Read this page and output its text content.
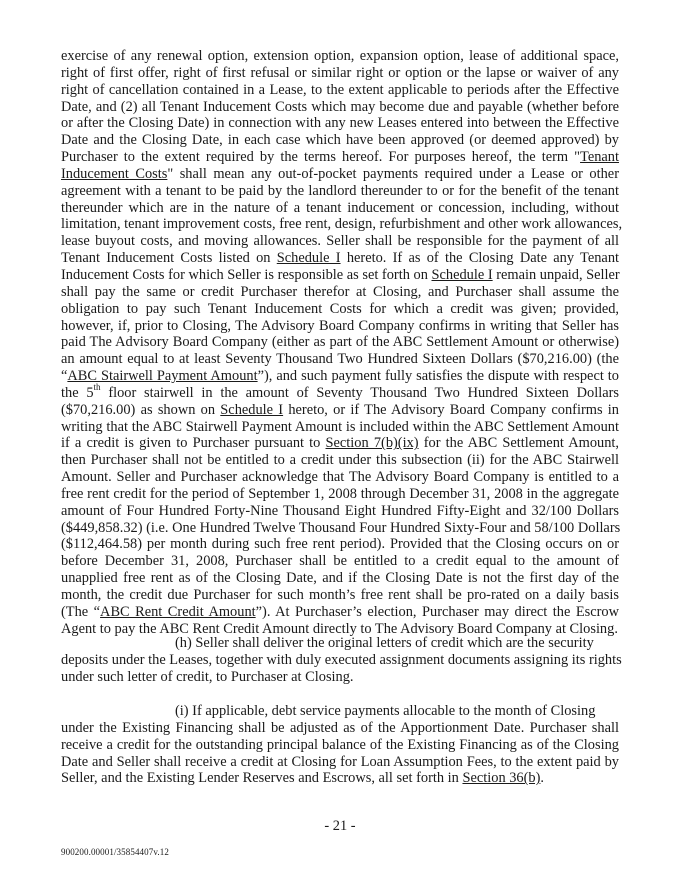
exercise of any renewal option, extension option, expansion option, lease of additional space,
right of first offer, right of first refusal or similar right or option or the lapse or waiver of any
right of cancellation contained in a Lease, to the extent applicable to periods after the Effective
Date, and (2) all Tenant Inducement Costs which may become due and payable (whether before
or after the Closing Date) in connection with any new Leases entered into between the Effective
Date and the Closing Date, in each case which have been approved (or deemed approved) by
Purchaser to the extent required by the terms hereof. For purposes hereof, the term "Tenant
Inducement Costs" shall mean any out-of-pocket payments required under a Lease or other
agreement with a tenant to be paid by the landlord thereunder to or for the benefit of the tenant
thereunder which are in the nature of a tenant inducement or concession, including, without
limitation, tenant improvement costs, free rent, design, refurbishment and other work allowances,
lease buyout costs, and moving allowances. Seller shall be responsible for the payment of all
Tenant Inducement Costs listed on Schedule I hereto. If as of the Closing Date any Tenant
Inducement Costs for which Seller is responsible as set forth on Schedule I remain unpaid, Seller
shall pay the same or credit Purchaser therefor at Closing, and Purchaser shall assume the
obligation to pay such Tenant Inducement Costs for which a credit was given; provided,
however, if, prior to Closing, The Advisory Board Company confirms in writing that Seller has
paid The Advisory Board Company (either as part of the ABC Settlement Amount or otherwise)
an amount equal to at least Seventy Thousand Two Hundred Sixteen Dollars ($70,216.00) (the
“ABC Stairwell Payment Amount”), and such payment fully satisfies the dispute with respect to
the 5th floor stairwell in the amount of Seventy Thousand Two Hundred Sixteen Dollars
($70,216.00) as shown on Schedule I hereto, or if The Advisory Board Company confirms in
writing that the ABC Stairwell Payment Amount is included within the ABC Settlement Amount
if a credit is given to Purchaser pursuant to Section 7(b)(ix) for the ABC Settlement Amount,
then Purchaser shall not be entitled to a credit under this subsection (ii) for the ABC Stairwell
Amount. Seller and Purchaser acknowledge that The Advisory Board Company is entitled to a
free rent credit for the period of September 1, 2008 through December 31, 2008 in the aggregate
amount of Four Hundred Forty-Nine Thousand Eight Hundred Fifty-Eight and 32/100 Dollars
($449,858.32) (i.e. One Hundred Twelve Thousand Four Hundred Sixty-Four and 58/100 Dollars
($112,464.58) per month during such free rent period). Provided that the Closing occurs on or
before December 31, 2008, Purchaser shall be entitled to a credit equal to the amount of
unapplied free rent as of the Closing Date, and if the Closing Date is not the first day of the
month, the credit due Purchaser for such month’s free rent shall be pro-rated on a daily basis
(The “ABC Rent Credit Amount”). At Purchaser’s election, Purchaser may direct the Escrow
Agent to pay the ABC Rent Credit Amount directly to The Advisory Board Company at Closing.

(h) Seller shall deliver the original letters of credit which are the security
deposits under the Leases, together with duly executed assignment documents assigning its rights
under such letter of credit, to Purchaser at Closing.

(i) If applicable, debt service payments allocable to the month of Closing
under the Existing Financing shall be adjusted as of the Apportionment Date. Purchaser shall
receive a credit for the outstanding principal balance of the Existing Financing as of the Closing
Date and Seller shall receive a credit at Closing for Loan Assumption Fees, to the extent paid by
Seller, and the Existing Lender Reserves and Escrows, all set forth in Section 36(b).

- 21 -
900200.00001/35854407v.12
